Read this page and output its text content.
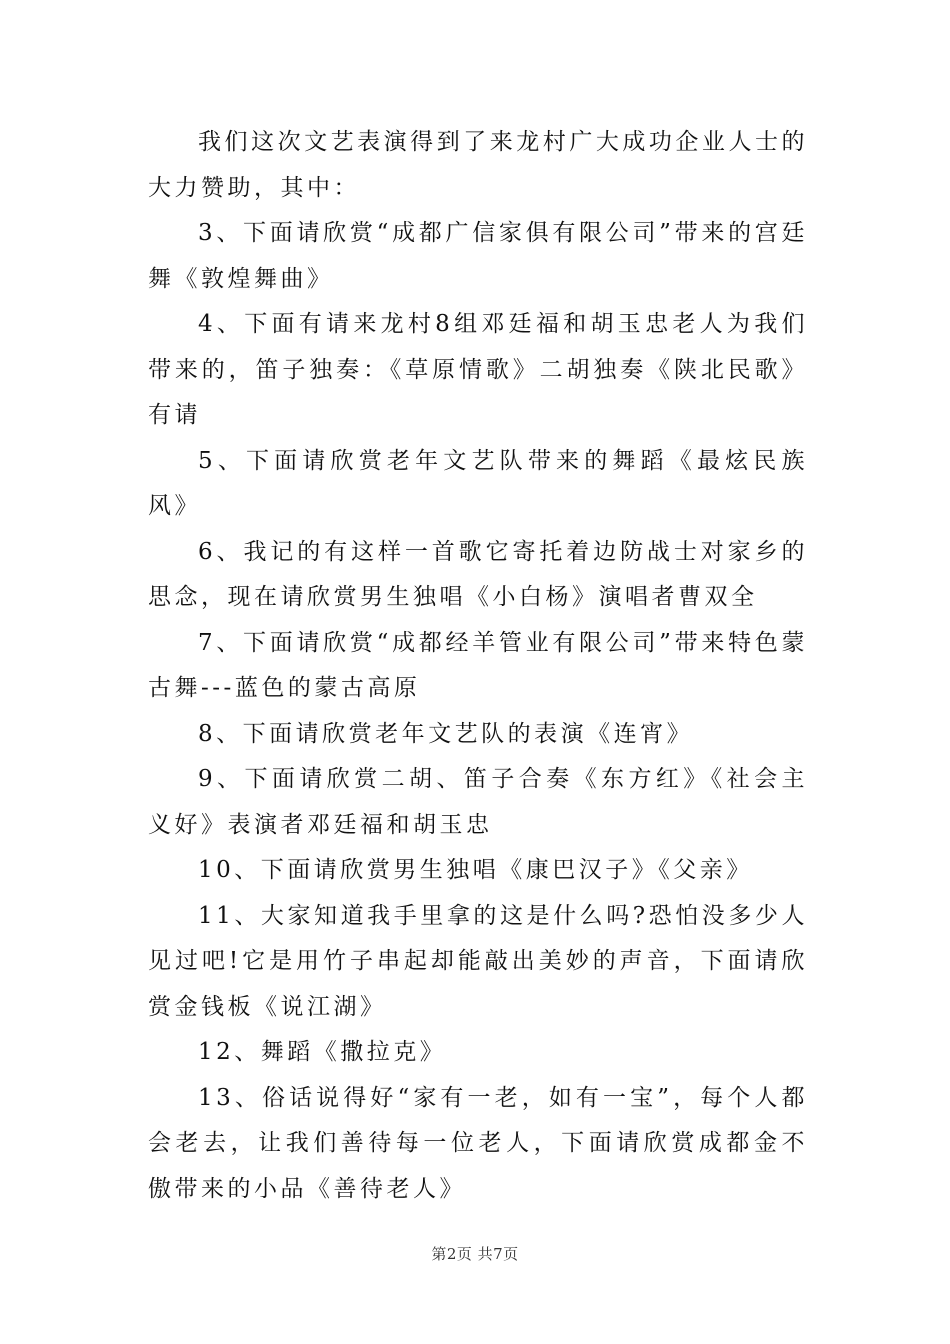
我们这次文艺表演得到了来龙村广大成功企业人士的大力赞助，其中：

3、下面请欣赏“成都广信家俱有限公司”带来的宫廷舞《敦煌舞曲》

4、下面有请来龙村8组邓廷福和胡玉忠老人为我们带来的，笛子独奏：《草原情歌》二胡独奏《陕北民歌》有请

5、下面请欣赏老年文艺队带来的舞蹈《最炫民族风》

6、我记的有这样一首歌它寄托着边防战士对家乡的思念，现在请欣赏男生独唱《小白杨》演唱者曹双全

7、下面请欣赏“成都经羊管业有限公司”带来特色蒙古舞---蓝色的蒙古高原

8、下面请欣赏老年文艺队的表演《连宵》

9、下面请欣赏二胡、笛子合奏《东方红》《社会主义好》表演者邓廷福和胡玉忠

10、下面请欣赏男生独唱《康巴汉子》《父亲》

11、大家知道我手里拿的这是什么吗?恐怕没多少人见过吧!它是用竹子串起却能敲出美妙的声音，下面请欣赏金钱板《说江湖》

12、舞蹈《撒拉克》

13、俗话说得好“家有一老，如有一宝”，每个人都会老去，让我们善待每一位老人，下面请欣赏成都金不傲带来的小品《善待老人》

第2页 共7页
